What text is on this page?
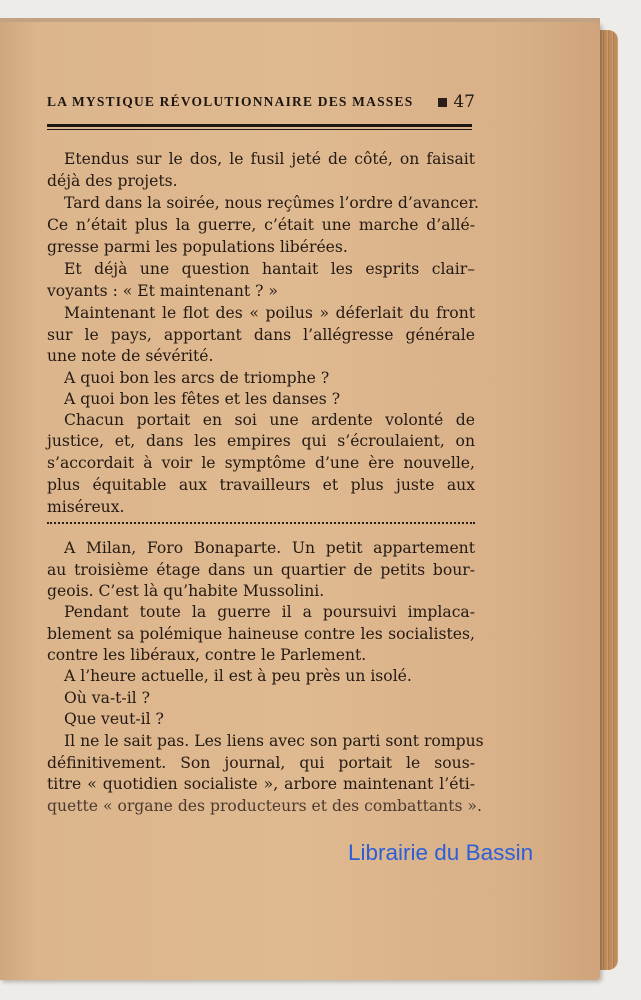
LA MYSTIQUE RÉVOLUTIONNAIRE DES MASSES 47
Etendus sur le dos, le fusil jeté de côté, on faisait
déjà des projets.
Tard dans la soirée, nous reçûmes l’ordre d’avancer.
Ce n’était plus la guerre, c’était une marche d’allé-
gresse parmi les populations libérées.
Et déjà une question hantait les esprits clair–
voyants : « Et maintenant ? »
Maintenant le flot des « poilus » déferlait du front
sur le pays, apportant dans l’allégresse générale
une note de sévérité.
A quoi bon les arcs de triomphe ?
A quoi bon les fêtes et les danses ?
Chacun portait en soi une ardente volonté de
justice, et, dans les empires qui s’écroulaient, on
s’accordait à voir le symptôme d’une ère nouvelle,
plus équitable aux travailleurs et plus juste aux
miséreux.
A Milan, Foro Bonaparte. Un petit appartement
au troisième étage dans un quartier de petits bour-
geois. C’est là qu’habite Mussolini.
Pendant toute la guerre il a poursuivi implaca-
blement sa polémique haineuse contre les socialistes,
contre les libéraux, contre le Parlement.
A l’heure actuelle, il est à peu près un isolé.
Où va-t-il ?
Que veut-il ?
Il ne le sait pas. Les liens avec son parti sont rompus
définitivement. Son journal, qui portait le sous-
titre « quotidien socialiste », arbore maintenant l’éti-
quette « organe des producteurs et des combattants ».
Librairie du Bassin
